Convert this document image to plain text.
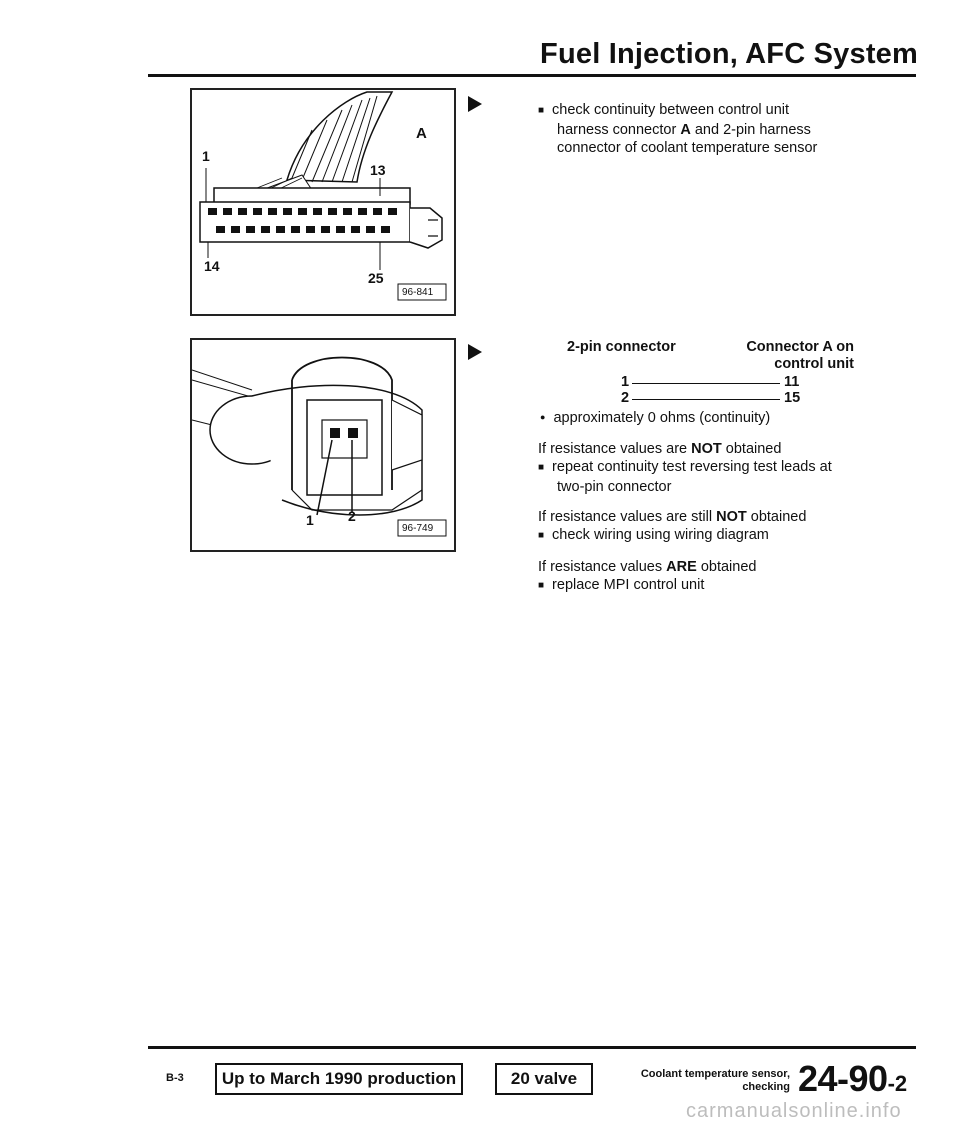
Fuel Injection, AFC System
A
1
13
14
25
96-841
■ check continuity between control unit
harness connector A and 2-pin harness
connector of coolant temperature sensor
1 2
96-749
2-pin connector	Connector A on
control unit
1	11
2	15
● approximately 0 ohms (continuity)
If resistance values are NOT obtained
■ repeat continuity test reversing test leads at
two-pin connector
If resistance values are still NOT obtained
■ check wiring using wiring diagram
If resistance values ARE obtained
■ replace MPI control unit
B-3	Up to March 1990 production	20 valve	Coolant temperature sensor,
checking 24-90-2
carmanualsonline.info
